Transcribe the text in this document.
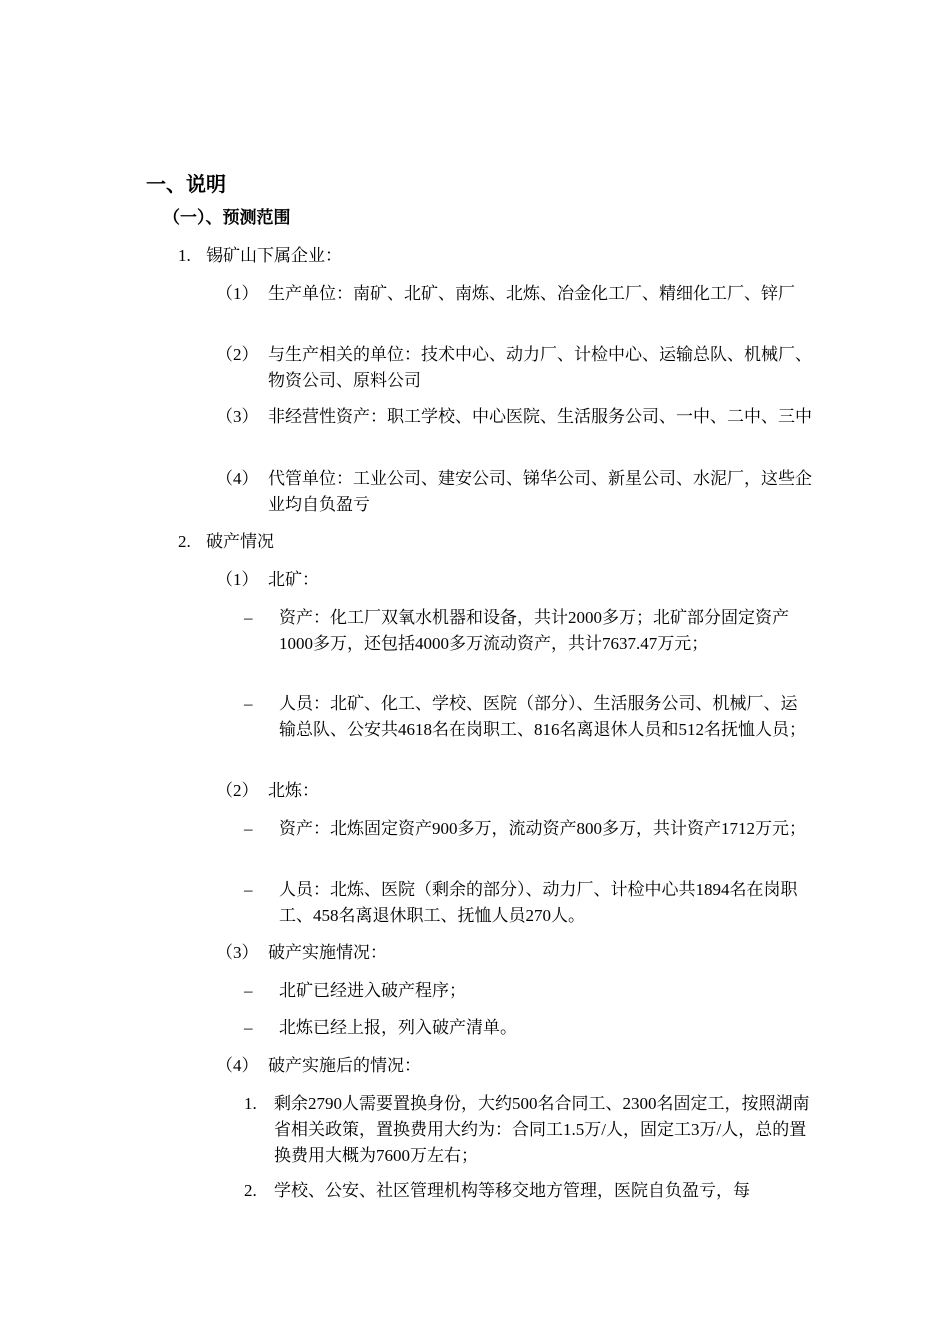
一、说明
（一）、预测范围
1. 锡矿山下属企业：
（1） 生产单位：南矿、北矿、南炼、北炼、冶金化工厂、精细化工厂、锌厂
（2） 与生产相关的单位：技术中心、动力厂、计检中心、运输总队、机械厂、物资公司、原料公司
（3） 非经营性资产：职工学校、中心医院、生活服务公司、一中、二中、三中
（4） 代管单位：工业公司、建安公司、锑华公司、新星公司、水泥厂，这些企业均自负盈亏
2. 破产情况
（1） 北矿：
– 资产：化工厂双氧水机器和设备，共计2000多万；北矿部分固定资产1000多万，还包括4000多万流动资产，共计7637.47万元；
– 人员：北矿、化工、学校、医院（部分）、生活服务公司、机械厂、运输总队、公安共4618名在岗职工、816名离退休人员和512名抚恤人员；
（2） 北炼：
– 资产：北炼固定资产900多万，流动资产800多万，共计资产1712万元；
– 人员：北炼、医院（剩余的部分）、动力厂、计检中心共1894名在岗职工、458名离退休职工、抚恤人员270人。
（3） 破产实施情况：
– 北矿已经进入破产程序；
– 北炼已经上报，列入破产清单。
（4） 破产实施后的情况：
1. 剩余2790人需要置换身份，大约500名合同工、2300名固定工，按照湖南省相关政策，置换费用大约为：合同工1.5万/人，固定工3万/人，总的置换费用大概为7600万左右；
2. 学校、公安、社区管理机构等移交地方管理，医院自负盈亏，每
